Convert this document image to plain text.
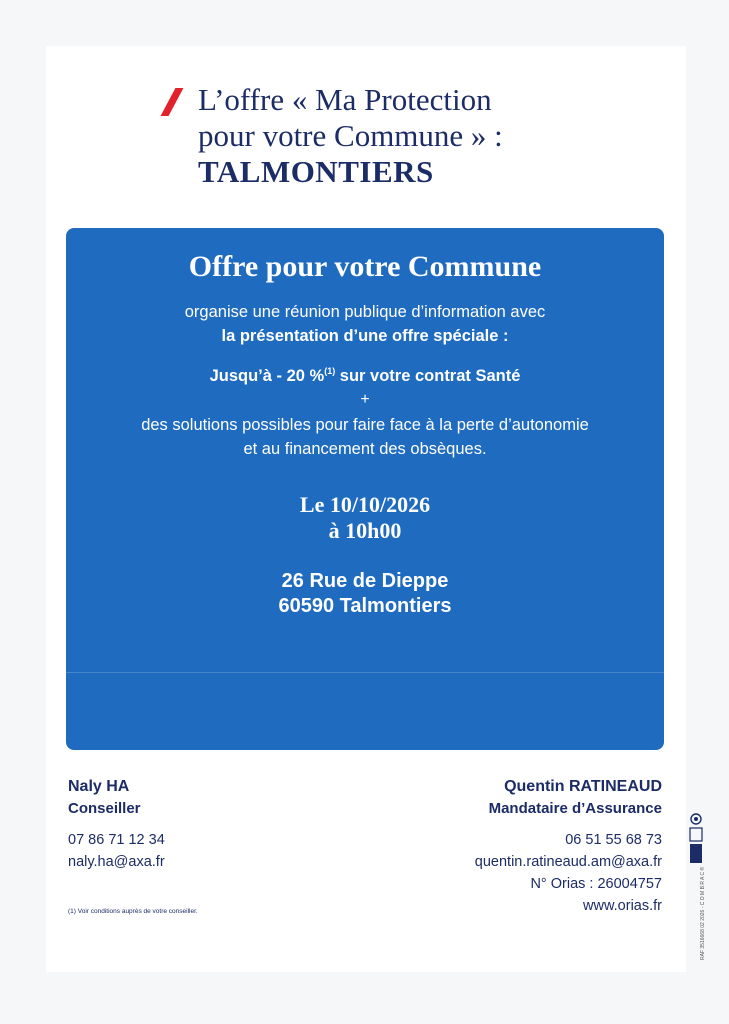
L’offre « Ma Protection
pour votre Commune » :
TALMONTIERS
Offre pour votre Commune
organise une réunion publique d’information avec
la présentation d’une offre spéciale :
Jusqu’à - 20 %$^{(1)}$ sur votre contrat Santé
+
des solutions possibles pour faire face à la perte d’autonomie
et au financement des obsèques.
Le 10/10/2026
à 10h00
26 Rue de Dieppe
60590 Talmontiers
Naly HA
Conseiller
07 86 71 12 34
naly.ha@axa.fr
Quentin RATINEAUD
Mandataire d’Assurance
06 51 55 68 73
quentin.ratineaud.am@axa.fr
N° Orias : 26004757
www.orias.fr
(1) Voir conditions auprès de votre conseiller.	RAF 3516668 02 2026 - C O M B R A C ®
